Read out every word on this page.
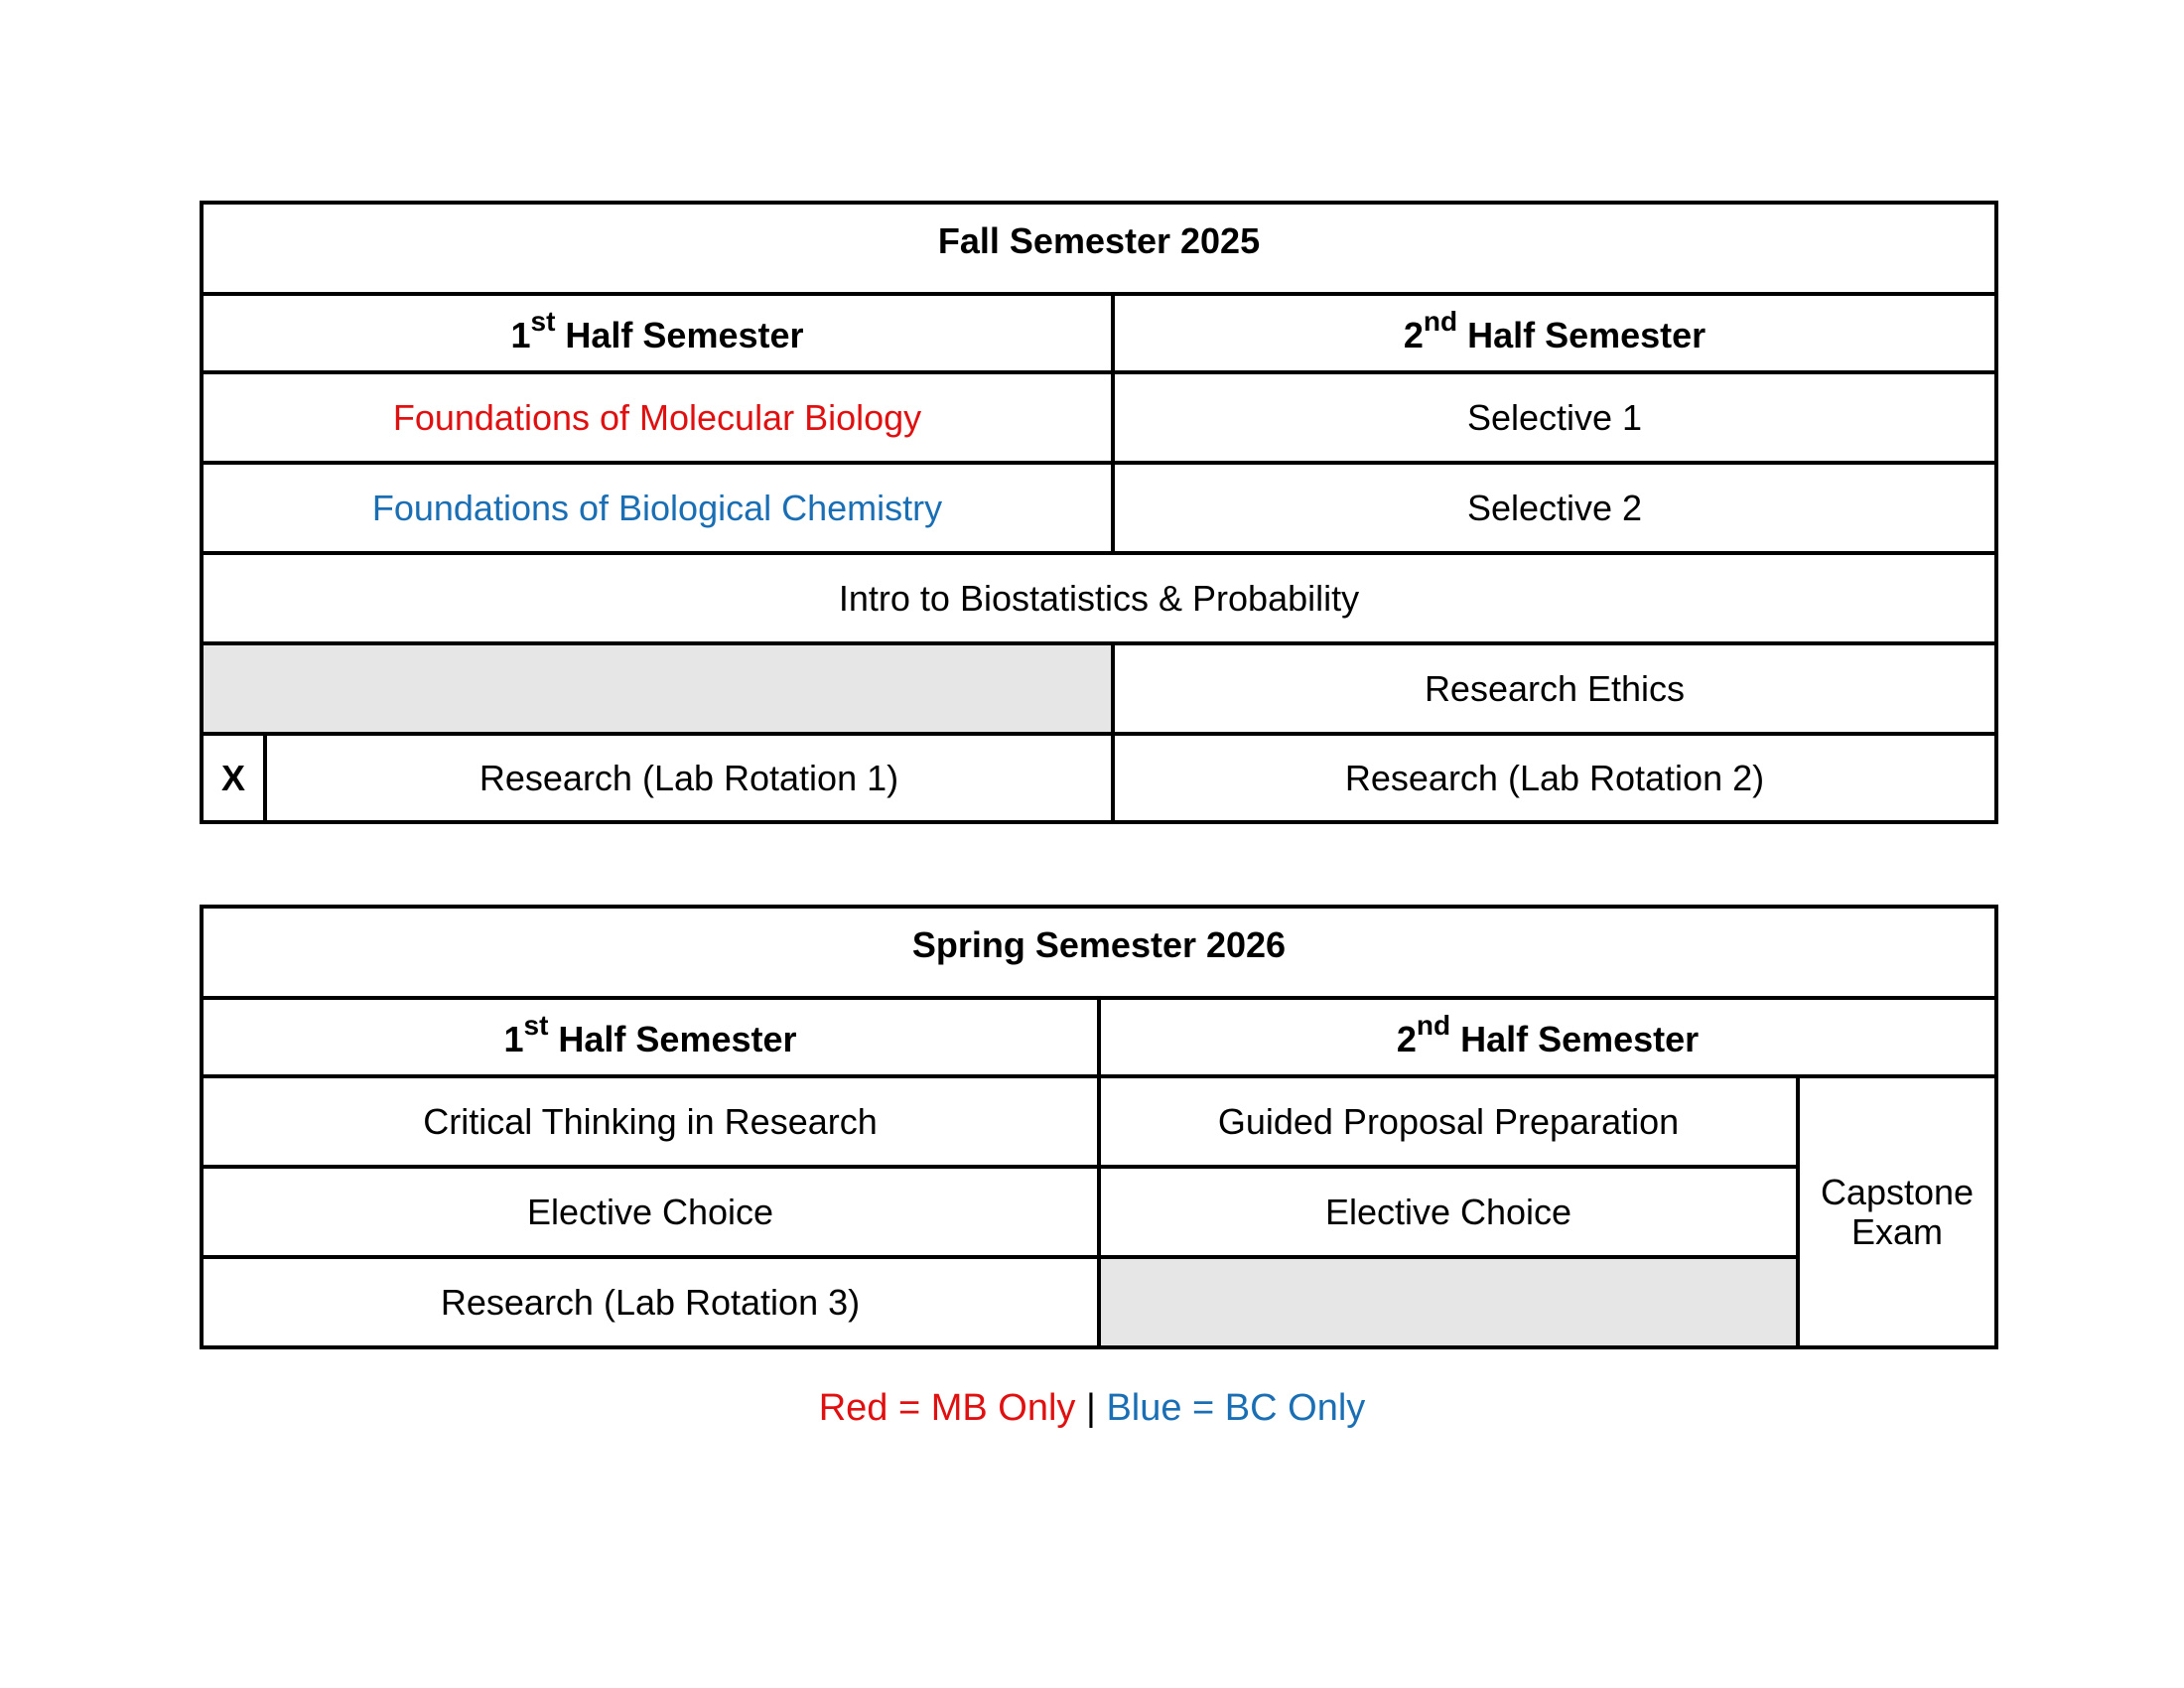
Fall Semester 2025		
1st Half Semester		2nd Half Semester
Foundations of Molecular Biology		Selective 1
Foundations of Biological Chemistry		Selective 2
Intro to Biostatistics & Probability		
		Research Ethics
X	Research (Lab Rotation 1)	Research (Lab Rotation 2)
Spring Semester 2026		
1st Half Semester	2nd Half Semester	
Critical Thinking in Research	Guided Proposal Preparation	Capstone
Exam
Elective Choice	Elective Choice	
Research (Lab Rotation 3)		
Red = MB Only | Blue = BC Only
